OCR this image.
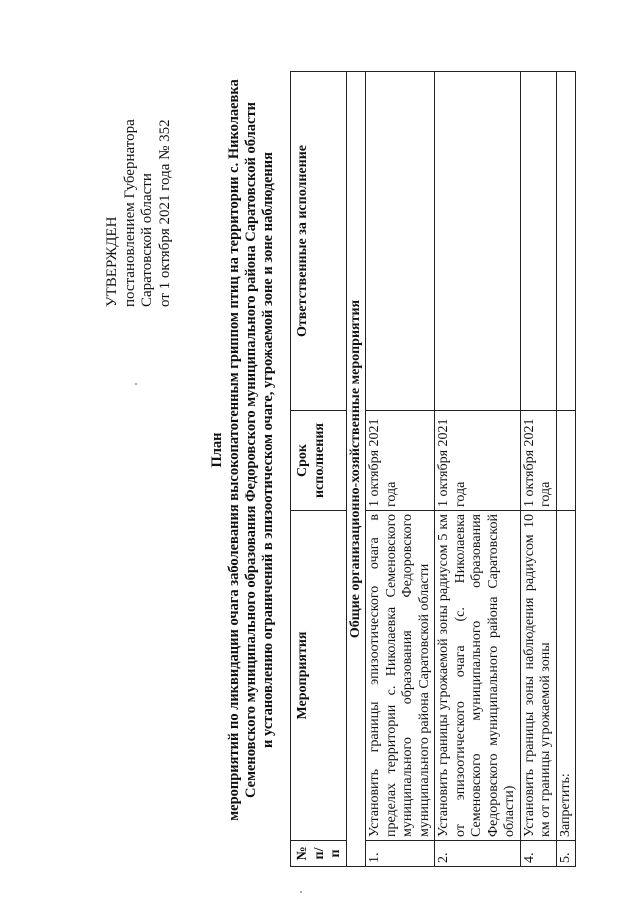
УТВЕРЖДЕН постановлением Губернатора Саратовской области от 1 октября 2021 года № 352
План мероприятий по ликвидации очага заболевания высокопатогенным гриппом птиц на территории с. Николаевка Семеновского муниципального образования Федоровского муниципального района Саратовской области и установлению ограничений в эпизоотическом очаге, угрожаемой зоне и зоне наблюдения
№ п/п	Мероприятия	Срок исполнения	Ответственные за исполнение
Общие организационно-хозяйственные мероприятия			
1.	Установить границы эпизоотического очага в пределах территории с. Николаевка Семеновского муниципального образования Федоровского муниципального района Саратовской области	1 октября 2021 года	
2.	Установить границы угрожаемой зоны радиусом 5 км от эпизоотического очага (с. Николаевка Семеновского муниципального образования Федоровского муниципального района Саратовской области)	1 октября 2021 года	
4.	Установить границы зоны наблюдения радиусом 10 км от границы угрожаемой зоны	1 октября 2021 года	
5.	Запретить:		
